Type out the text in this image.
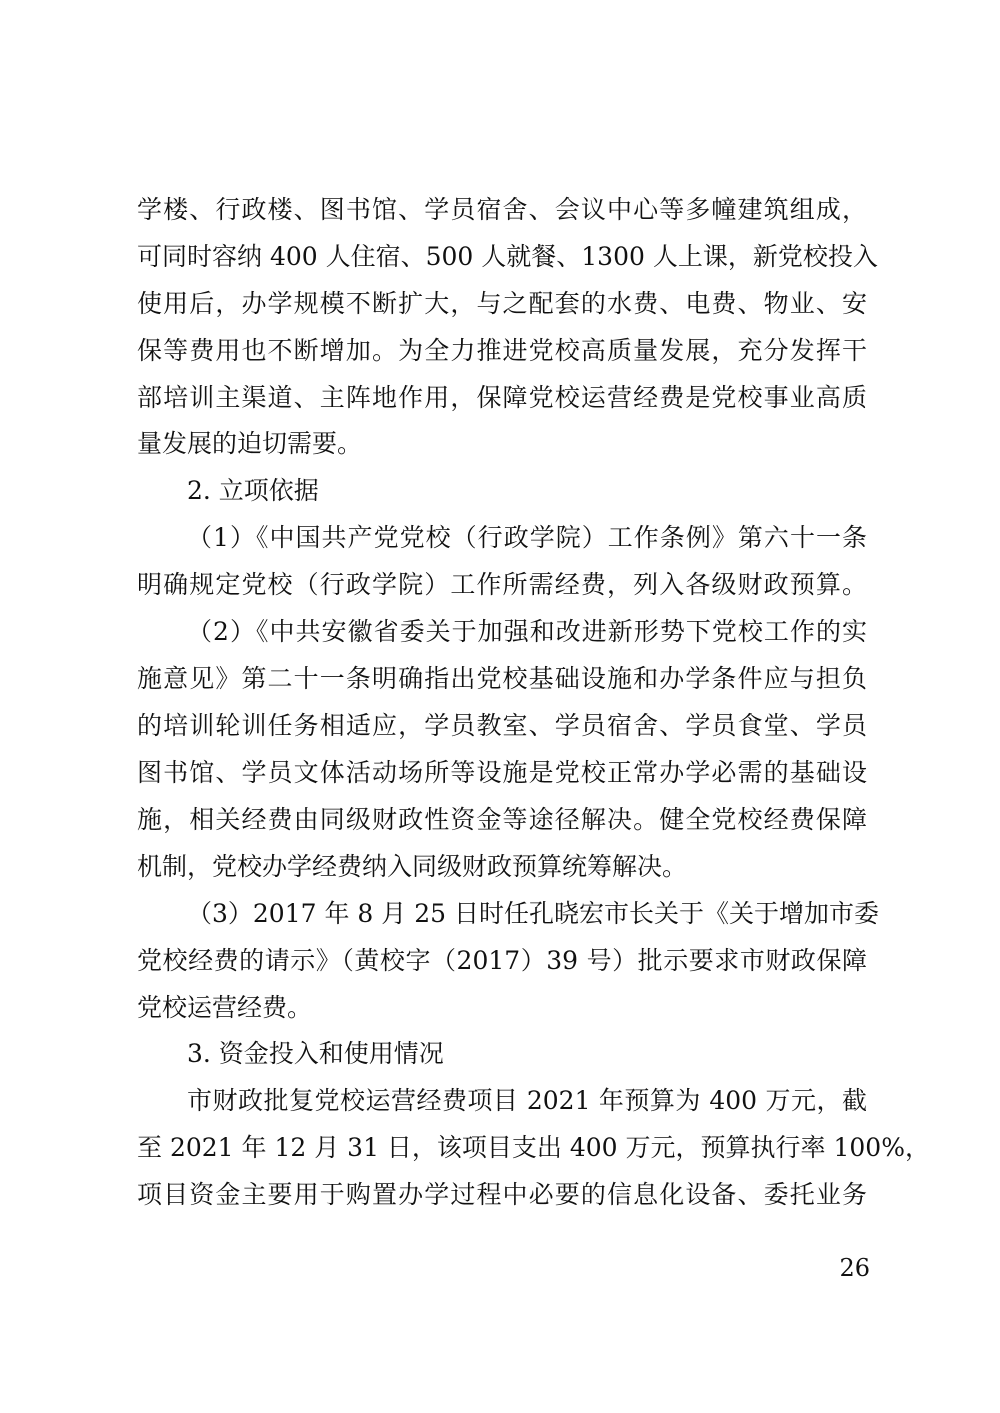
学楼、行政楼、图书馆、学员宿舍、会议中心等多幢建筑组成，
可同时容纳 400 人住宿、500 人就餐、1300 人上课，新党校投入
使用后，办学规模不断扩大，与之配套的水费、电费、物业、安
保等费用也不断增加。为全力推进党校高质量发展，充分发挥干
部培训主渠道、主阵地作用，保障党校运营经费是党校事业高质
量发展的迫切需要。
2. 立项依据
（1）《中国共产党党校（行政学院）工作条例》第六十一条
明确规定党校（行政学院）工作所需经费，列入各级财政预算。
（2）《中共安徽省委关于加强和改进新形势下党校工作的实
施意见》第二十一条明确指出党校基础设施和办学条件应与担负
的培训轮训任务相适应，学员教室、学员宿舍、学员食堂、学员
图书馆、学员文体活动场所等设施是党校正常办学必需的基础设
施，相关经费由同级财政性资金等途径解决。健全党校经费保障
机制，党校办学经费纳入同级财政预算统筹解决。
（3）2017 年 8 月 25 日时任孔晓宏市长关于《关于增加市委
党校经费的请示》（黄校字（2017）39 号）批示要求市财政保障
党校运营经费。
3. 资金投入和使用情况
市财政批复党校运营经费项目 2021 年预算为 400 万元，截
至 2021 年 12 月 31 日，该项目支出 400 万元，预算执行率 100%，
项目资金主要用于购置办学过程中必要的信息化设备、委托业务
26
